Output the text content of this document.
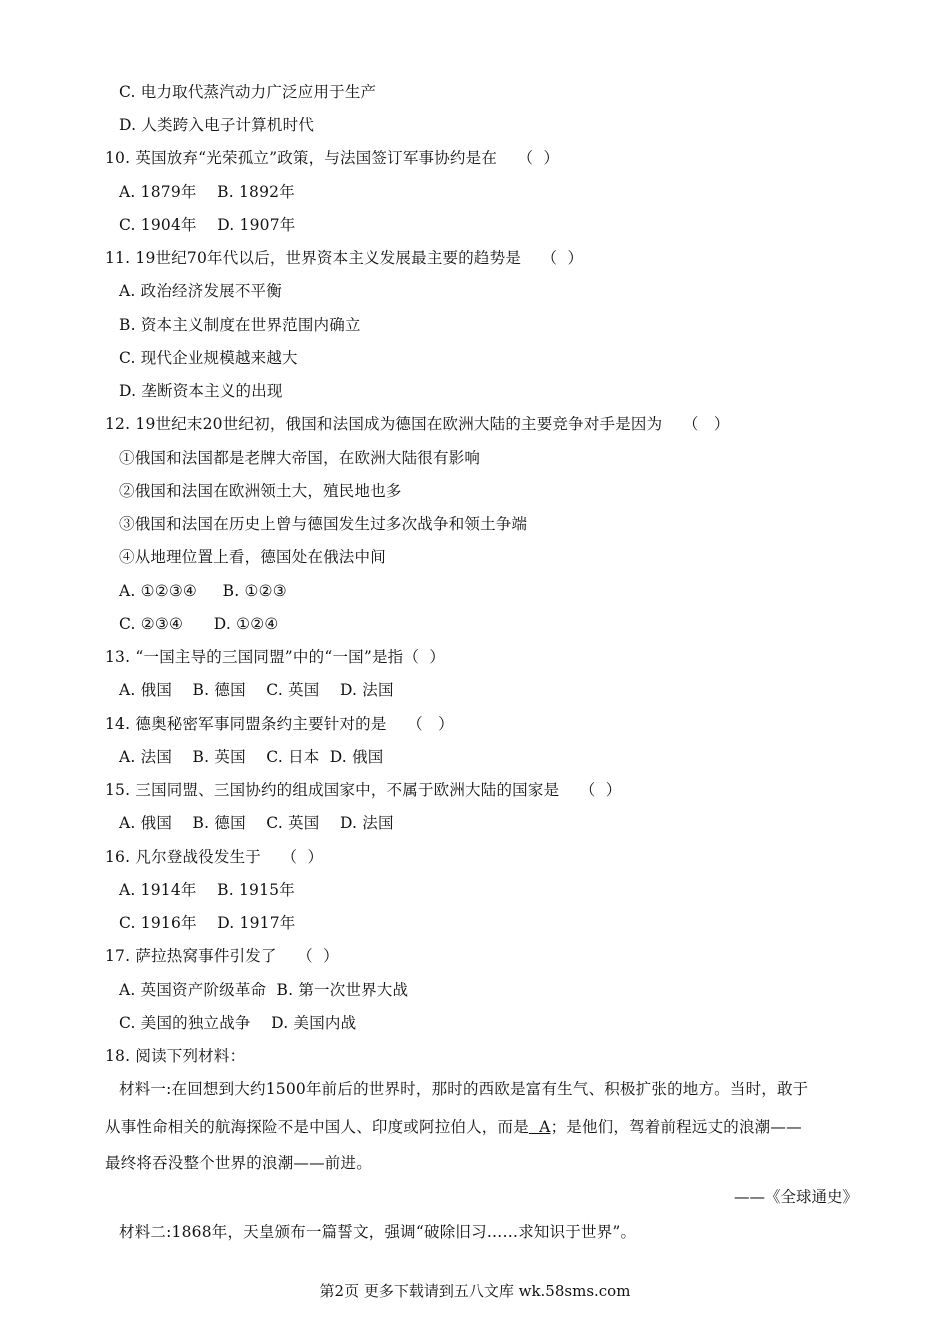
C. 电力取代蒸汽动力广泛应用于生产
D. 人类跨入电子计算机时代
10. 英国放弃“光荣孤立”政策，与法国签订军事协约是在    （  ）
A. 1879年    B. 1892年
C. 1904年    D. 1907年
11. 19世纪70年代以后，世界资本主义发展最主要的趋势是    （  ）
A. 政治经济发展不平衡
B. 资本主义制度在世界范围内确立
C. 现代企业规模越来越大
D. 垄断资本主义的出现
12. 19世纪末20世纪初，俄国和法国成为德国在欧洲大陆的主要竞争对手是因为    （   ）
①俄国和法国都是老牌大帝国，在欧洲大陆很有影响
②俄国和法国在欧洲领土大，殖民地也多
③俄国和法国在历史上曾与德国发生过多次战争和领土争端
④从地理位置上看，德国处在俄法中间
A. ①②③④     B. ①②③
C. ②③④      D. ①②④
13. “一国主导的三国同盟”中的“一国”是指（  ）
A. 俄国    B. 德国    C. 英国    D. 法国
14. 德奥秘密军事同盟条约主要针对的是    （   ）
A. 法国    B. 英国    C. 日本  D. 俄国
15. 三国同盟、三国协约的组成国家中，不属于欧洲大陆的国家是    （  ）
A. 俄国    B. 德国    C. 英国    D. 法国
16. 凡尔登战役发生于    （  ）
A. 1914年    B. 1915年
C. 1916年    D. 1917年
17. 萨拉热窝事件引发了    （  ）
A. 英国资产阶级革命  B. 第一次世界大战
C. 美国的独立战争    D. 美国内战
18. 阅读下列材料：
材料一:在回想到大约1500年前后的世界时，那时的西欧是富有生气、积极扩张的地方。当时，敢于
从事性命相关的航海探险不是中国人、印度或阿拉伯人，而是  A；是他们，驾着前程远丈的浪潮——
最终将吞没整个世界的浪潮——前进。
——《全球通史》
材料二:1868年，天皇颁布一篇誓文，强调“破除旧习……求知识于世界”。
第2页 更多下载请到五八文库 wk.58sms.com
